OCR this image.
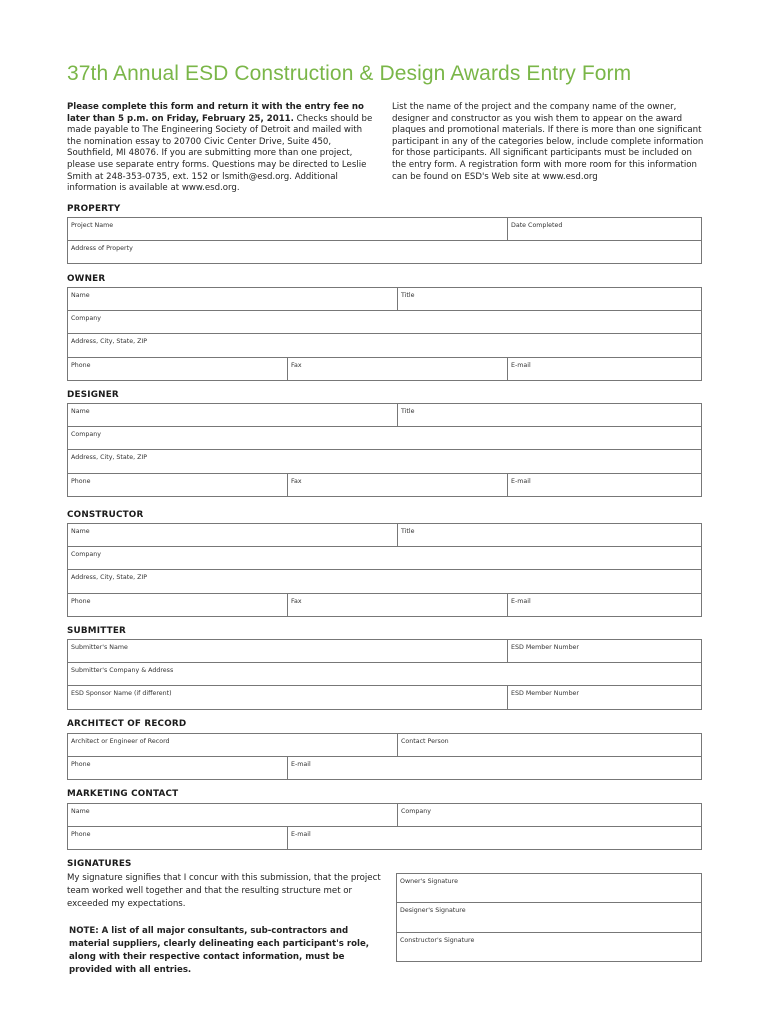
37th Annual ESD Construction & Design Awards Entry Form
Please complete this form and return it with the entry fee no later than 5 p.m. on Friday, February 25, 2011. Checks should be made payable to The Engineering Society of Detroit and mailed with the nomination essay to 20700 Civic Center Drive, Suite 450, Southfield, MI 48076. If you are submitting more than one project, please use separate entry forms. Questions may be directed to Leslie Smith at 248-353-0735, ext. 152 or lsmith@esd.org. Additional information is available at www.esd.org.
List the name of the project and the company name of the owner, designer and constructor as you wish them to appear on the award plaques and promotional materials. If there is more than one significant participant in any of the categories below, include complete information for those participants. All significant participants must be included on the entry form. A registration form with more room for this information can be found on ESD's Web site at www.esd.org
PROPERTY
Project Name	Date Completed
Address of Property
OWNER
Name	Title
Company
Address, City, State, ZIP
Phone	Fax	E-mail
DESIGNER
Name	Title
Company
Address, City, State, ZIP
Phone	Fax	E-mail
CONSTRUCTOR
Name	Title
Company
Address, City, State, ZIP
Phone	Fax	E-mail
SUBMITTER
Submitter's Name	ESD Member Number
Submitter's Company & Address
ESD Sponsor Name (if different)	ESD Member Number
ARCHITECT OF RECORD
Architect or Engineer of Record	Contact Person
Phone	E-mail
MARKETING CONTACT
Name	Company
Phone	E-mail
SIGNATURES
My signature signifies that I concur with this submission, that the project team worked well together and that the resulting structure met or exceeded my expectations.
NOTE: A list of all major consultants, sub-contractors and material suppliers, clearly delineating each participant's role, along with their respective contact information, must be provided with all entries.
Owner's Signature
Designer's Signature
Constructor's Signature
